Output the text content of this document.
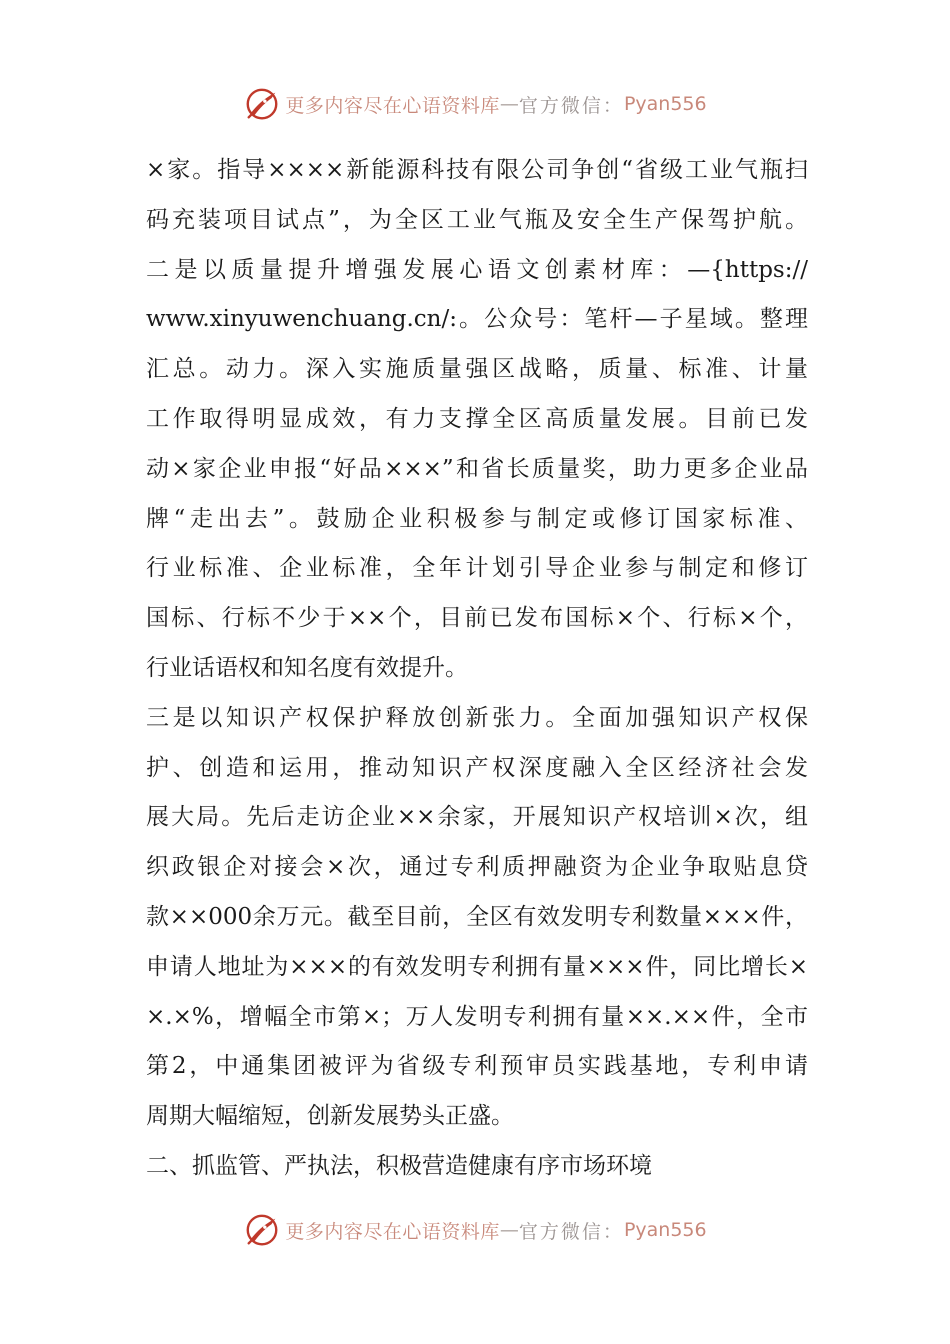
更多内容尽在心语资料库 — 官方微信： Pyan556
×家。指导××××新能源科技有限公司争创“省级工业气瓶扫
码充装项目试点”，为全区工业气瓶及安全生产保驾护航。
二是以质量提升增强发展心语文创素材库：—{https://
www.xinyuwenchuang.cn/:。公众号：笔杆—子星域。整理
汇总。动力。深入实施质量强区战略，质量、标准、计量
工作取得明显成效，有力支撑全区高质量发展。目前已发
动×家企业申报“好品×××”和省长质量奖，助力更多企业品
牌“走出去”。鼓励企业积极参与制定或修订国家标准、
行业标准、企业标准，全年计划引导企业参与制定和修订
国标、行标不少于××个，目前已发布国标×个、行标×个，
行业话语权和知名度有效提升。
三是以知识产权保护释放创新张力。全面加强知识产权保
护、创造和运用，推动知识产权深度融入全区经济社会发
展大局。先后走访企业××余家，开展知识产权培训×次，组
织政银企对接会×次，通过专利质押融资为企业争取贴息贷
款××000余万元。截至目前，全区有效发明专利数量×××件，
申请人地址为×××的有效发明专利拥有量×××件，同比增长×
×.×%，增幅全市第×；万人发明专利拥有量××.××件，全市
第2，中通集团被评为省级专利预审员实践基地，专利申请
周期大幅缩短，创新发展势头正盛。
二、抓监管、严执法，积极营造健康有序市场环境
更多内容尽在心语资料库 — 官方微信： Pyan556
